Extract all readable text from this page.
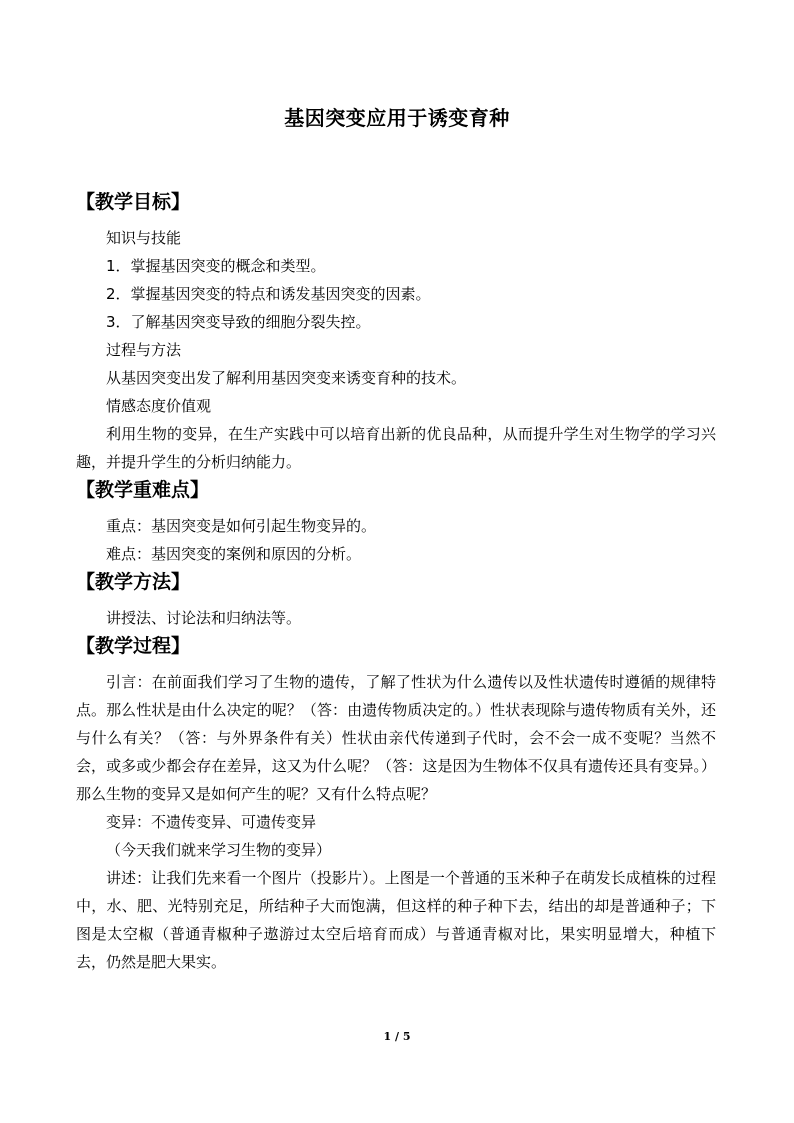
基因突变应用于诱变育种
【教学目标】

知识与技能

1．掌握基因突变的概念和类型。

2．掌握基因突变的特点和诱发基因突变的因素。

3．了解基因突变导致的细胞分裂失控。

过程与方法

从基因突变出发了解利用基因突变来诱变育种的技术。

情感态度价值观

利用生物的变异，在生产实践中可以培育出新的优良品种，从而提升学生对生物学的学习兴趣，并提升学生的分析归纳能力。

【教学重难点】

重点：基因突变是如何引起生物变异的。

难点：基因突变的案例和原因的分析。

【教学方法】

讲授法、讨论法和归纳法等。

【教学过程】

引言：在前面我们学习了生物的遗传，了解了性状为什么遗传以及性状遗传时遵循的规律特点。那么性状是由什么决定的呢？（答：由遗传物质决定的。）性状表现除与遗传物质有关外，还与什么有关？（答：与外界条件有关）性状由亲代传递到子代时，会不会一成不变呢？当然不会，或多或少都会存在差异，这又为什么呢？（答：这是因为生物体不仅具有遗传还具有变异。）那么生物的变异又是如何产生的呢？又有什么特点呢？

变异：不遗传变异、可遗传变异

（今天我们就来学习生物的变异）

讲述：让我们先来看一个图片（投影片）。上图是一个普通的玉米种子在萌发长成植株的过程中，水、肥、光特别充足，所结种子大而饱满，但这样的种子种下去，结出的却是普通种子；下图是太空椒（普通青椒种子遨游过太空后培育而成）与普通青椒对比，果实明显增大，种植下去，仍然是肥大果实。

1 / 5
